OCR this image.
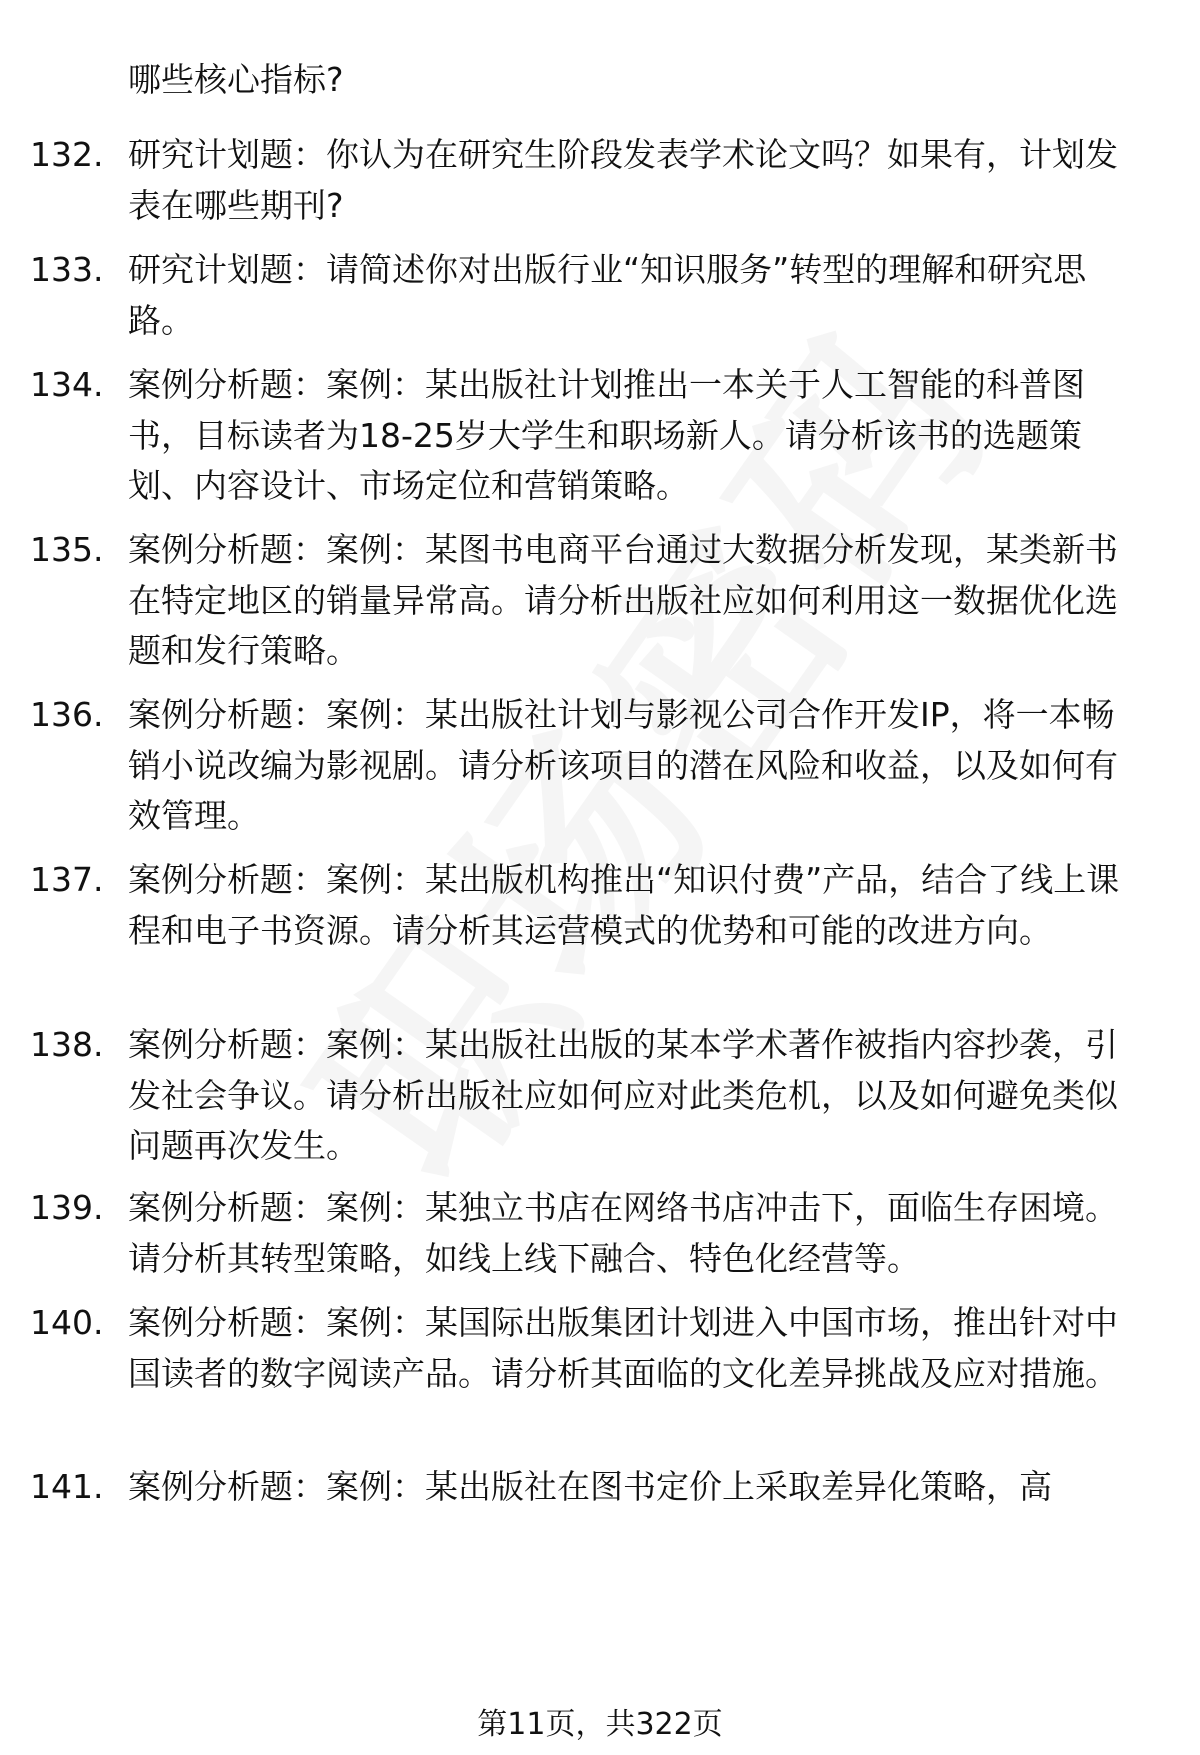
哪些核心指标?
132. 研究计划题：你认为在研究生阶段发表学术论文吗？如果有，计划发表在哪些期刊?
133. 研究计划题：请简述你对出版行业“知识服务”转型的理解和研究思路。
134. 案例分析题：案例：某出版社计划推出一本关于人工智能的科普图书，目标读者为18-25岁大学生和职场新人。请分析该书的选题策划、内容设计、市场定位和营销策略。
135. 案例分析题：案例：某图书电商平台通过大数据分析发现，某类新书在特定地区的销量异常高。请分析出版社应如何利用这一数据优化选题和发行策略。
136. 案例分析题：案例：某出版社计划与影视公司合作开发IP，将一本畅销小说改编为影视剧。请分析该项目的潜在风险和收益，以及如何有效管理。
137. 案例分析题：案例：某出版机构推出“知识付费”产品，结合了线上课程和电子书资源。请分析其运营模式的优势和可能的改进方向。
138. 案例分析题：案例：某出版社出版的某本学术著作被指内容抄袭，引发社会争议。请分析出版社应如何应对此类危机，以及如何避免类似问题再次发生。
139. 案例分析题：案例：某独立书店在网络书店冲击下，面临生存困境。请分析其转型策略，如线上线下融合、特色化经营等。
140. 案例分析题：案例：某国际出版集团计划进入中国市场，推出针对中国读者的数字阅读产品。请分析其面临的文化差异挑战及应对措施。
141. 案例分析题：案例：某出版社在图书定价上采取差异化策略，高
第11页，共322页
